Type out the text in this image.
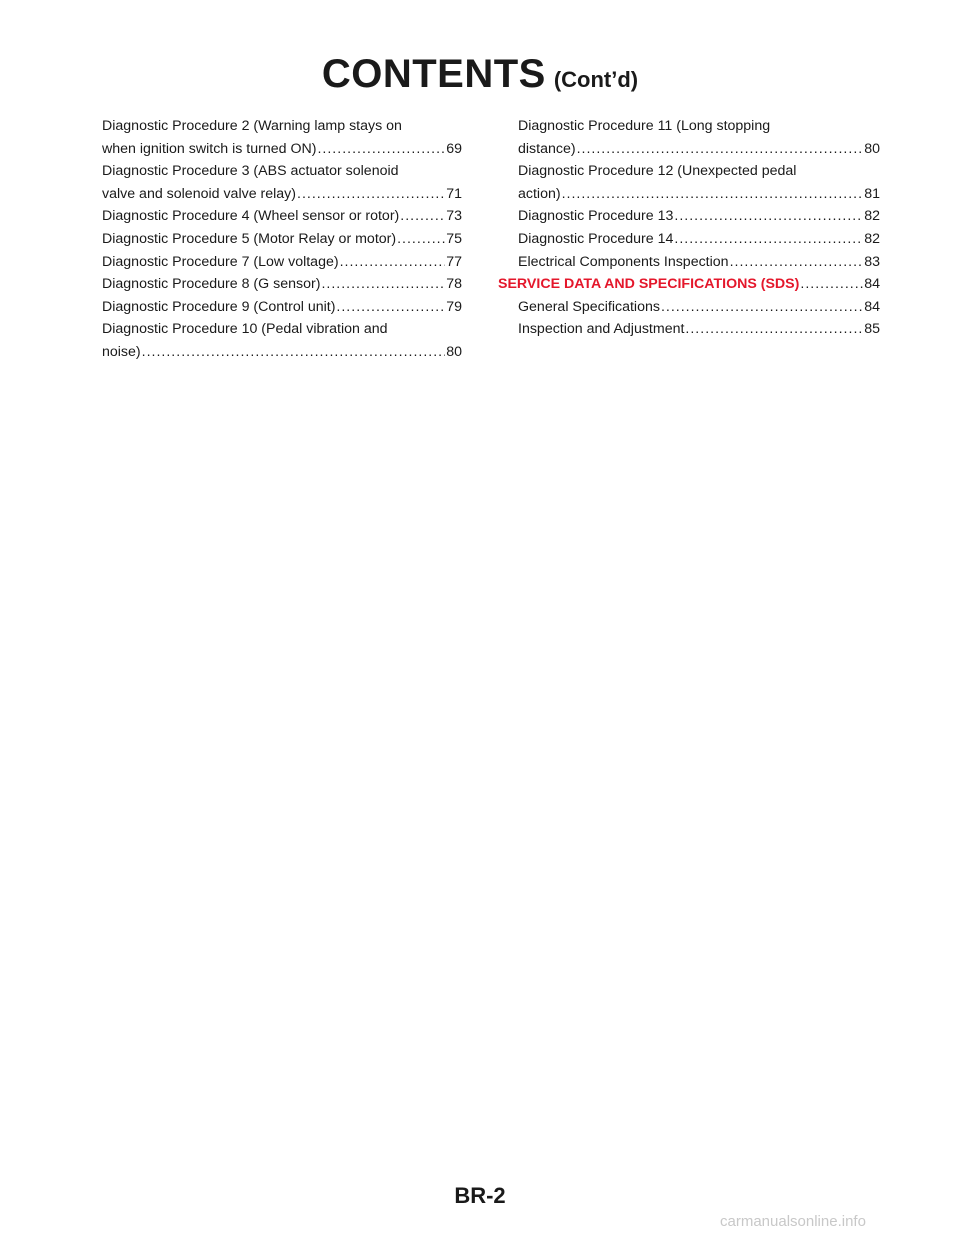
CONTENTS (Cont’d)
Diagnostic Procedure 2 (Warning lamp stays on
when ignition switch is turned ON) .....	69
Diagnostic Procedure 3 (ABS actuator solenoid
valve and solenoid valve relay) .....	71
Diagnostic Procedure 4 (Wheel sensor or rotor) .....	73
Diagnostic Procedure 5 (Motor Relay or motor) .....	75
Diagnostic Procedure 7 (Low voltage) .....	77
Diagnostic Procedure 8 (G sensor) .....	78
Diagnostic Procedure 9 (Control unit) .....	79
Diagnostic Procedure 10 (Pedal vibration and
noise) .....	80
Diagnostic Procedure 11 (Long stopping
distance) .....	80
Diagnostic Procedure 12 (Unexpected pedal
action) .....	81
Diagnostic Procedure 13 .....	82
Diagnostic Procedure 14 .....	82
Electrical Components Inspection .....	83
SERVICE DATA AND SPECIFICATIONS (SDS) .....	84
General Specifications .....	84
Inspection and Adjustment .....	85
BR-2
carmanualsonline.info
